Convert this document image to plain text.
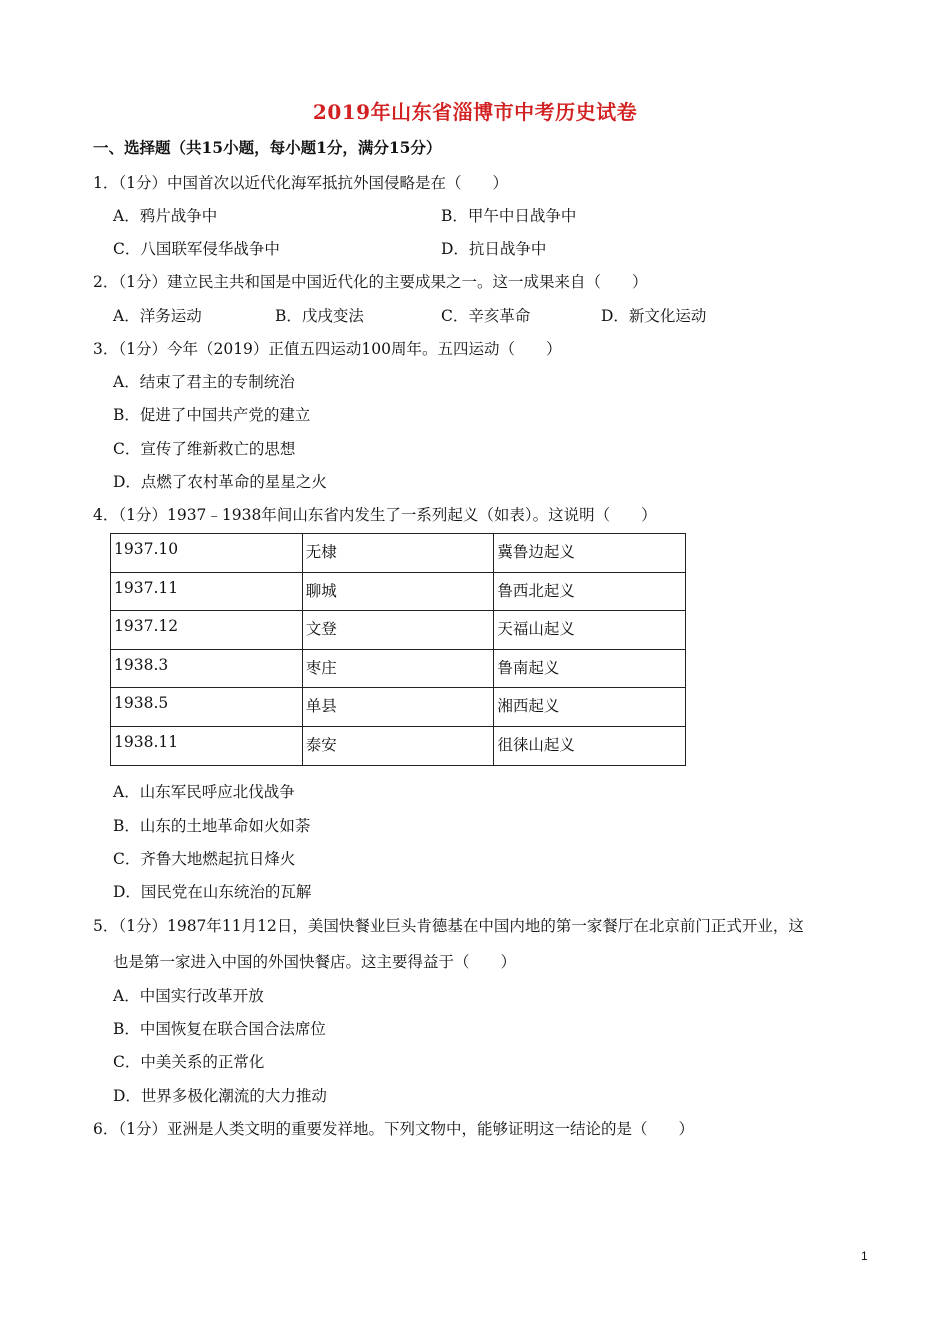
2019年山东省淄博市中考历史试卷
一、选择题（共15小题，每小题1分，满分15分）
1．（1分）中国首次以近代化海军抵抗外国侵略是在（　　）
A．鸦片战争中	B．甲午中日战争中
C．八国联军侵华战争中	D．抗日战争中
2．（1分）建立民主共和国是中国近代化的主要成果之一。这一成果来自（　　）
A．洋务运动	B．戊戌变法	C．辛亥革命	D．新文化运动
3．（1分）今年（2019）正值五四运动100周年。五四运动（　　）
A．结束了君主的专制统治
B．促进了中国共产党的建立
C．宣传了维新救亡的思想
D．点燃了农村革命的星星之火
4．（1分）1937﹣1938年间山东省内发生了一系列起义（如表）。这说明（　　）
1937.10	无棣	冀鲁边起义
1937.11	聊城	鲁西北起义
1937.12	文登	天福山起义
1938.3	枣庄	鲁南起义
1938.5	单县	湘西起义
1938.11	泰安	徂徕山起义
A．山东军民呼应北伐战争
B．山东的土地革命如火如荼
C．齐鲁大地燃起抗日烽火
D．国民党在山东统治的瓦解
5．（1分）1987年11月12日，美国快餐业巨头肯德基在中国内地的第一家餐厅在北京前门正式开业，这
也是第一家进入中国的外国快餐店。这主要得益于（　　）
A．中国实行改革开放
B．中国恢复在联合国合法席位
C．中美关系的正常化
D．世界多极化潮流的大力推动
6．（1分）亚洲是人类文明的重要发祥地。下列文物中，能够证明这一结论的是（　　）
1
